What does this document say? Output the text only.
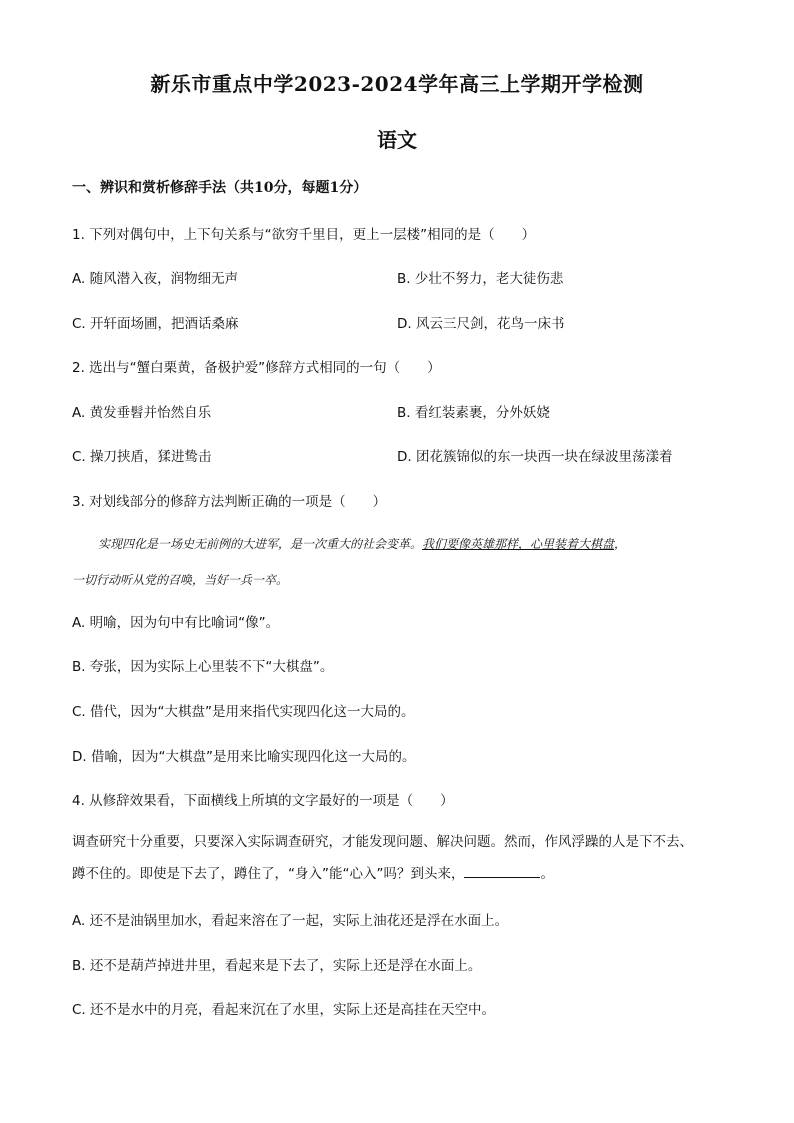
新乐市重点中学2023-2024学年高三上学期开学检测
语文
一、辨识和赏析修辞手法（共10分，每题1分）
1. 下列对偶句中，上下句关系与“欲穷千里目，更上一层楼”相同的是（　　）
A. 随风潜入夜，润物细无声	B. 少壮不努力，老大徒伤悲
C. 开轩面场圃，把酒话桑麻	D. 风云三尺剑，花鸟一床书
2. 选出与“蟹白栗黄，备极护爱”修辞方式相同的一句（　　）
A. 黄发垂髫并怡然自乐	B. 看红装素裹，分外妖娆
C. 操刀挟盾，猱进鸷击	D. 团花簇锦似的东一块西一块在绿波里荡漾着
3. 对划线部分的修辞方法判断正确的一项是（　　）
实现四化是一场史无前例的大进军，是一次重大的社会变革。我们要像英雄那样，心里装着大棋盘，
一切行动听从党的召唤，当好一兵一卒。
A. 明喻，因为句中有比喻词“像”。
B. 夸张，因为实际上心里装不下“大棋盘”。
C. 借代，因为“大棋盘”是用来指代实现四化这一大局的。
D. 借喻，因为“大棋盘”是用来比喻实现四化这一大局的。
4. 从修辞效果看，下面横线上所填的文字最好的一项是（　　）
调查研究十分重要，只要深入实际调查研究，才能发现问题、解决问题。然而，作风浮躁的人是下不去、
蹲不住的。即使是下去了，蹲住了，“身入”能“心入”吗？到头来，	。
A. 还不是油锅里加水，看起来溶在了一起，实际上油花还是浮在水面上。
B. 还不是葫芦掉进井里，看起来是下去了，实际上还是浮在水面上。
C. 还不是水中的月亮，看起来沉在了水里，实际上还是高挂在天空中。
